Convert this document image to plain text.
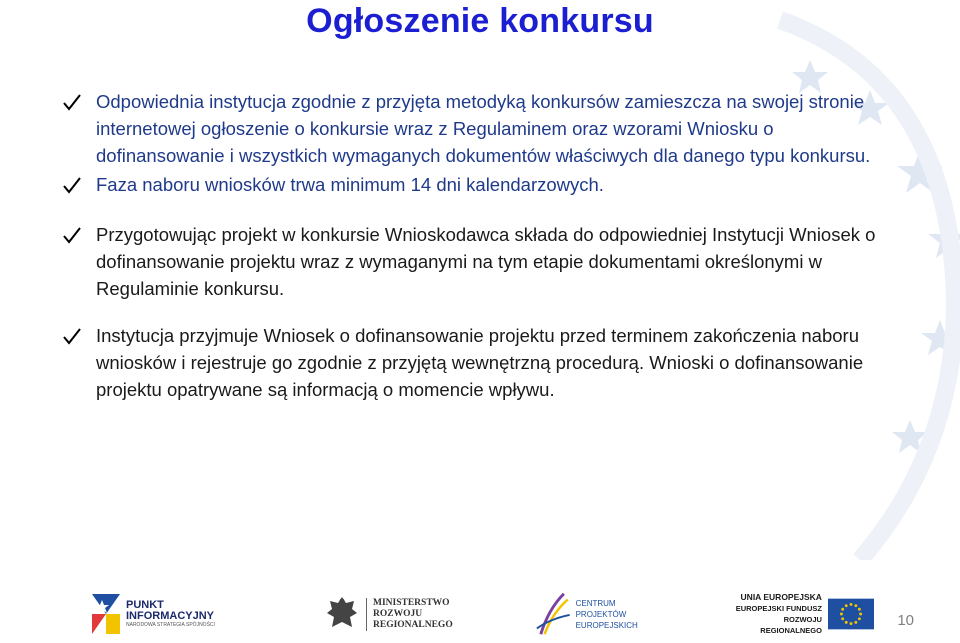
Ogłoszenie konkursu
Odpowiednia instytucja zgodnie z przyjęta metodyką konkursów zamieszcza na swojej stronie internetowej ogłoszenie o konkursie wraz z Regulaminem oraz wzorami Wniosku o dofinansowanie i wszystkich wymaganych dokumentów właściwych dla danego typu konkursu.
Faza naboru wniosków trwa minimum 14 dni kalendarzowych.
Przygotowując projekt w konkursie Wnioskodawca składa do odpowiedniej Instytucji Wniosek o dofinansowanie projektu wraz z wymaganymi na tym etapie dokumentami określonymi w Regulaminie konkursu.
Instytucja przyjmuje Wniosek o dofinansowanie projektu przed terminem zakończenia naboru wniosków i rejestruje go zgodnie z przyjętą wewnętrzną procedurą. Wnioski o dofinansowanie projektu opatrywane są informacją o momencie wpływu.
PUNKT
INFORMACYJNY
NARODOWA STRATEGIA SPÓJNOŚCI
MINISTERSTWO
ROZWOJU
REGIONALNEGO
CENTRUM PROJEKTÓW
EUROPEJSKICH
UNIA EUROPEJSKA
EUROPEJSKI FUNDUSZ
ROZWOJU REGIONALNEGO
10
